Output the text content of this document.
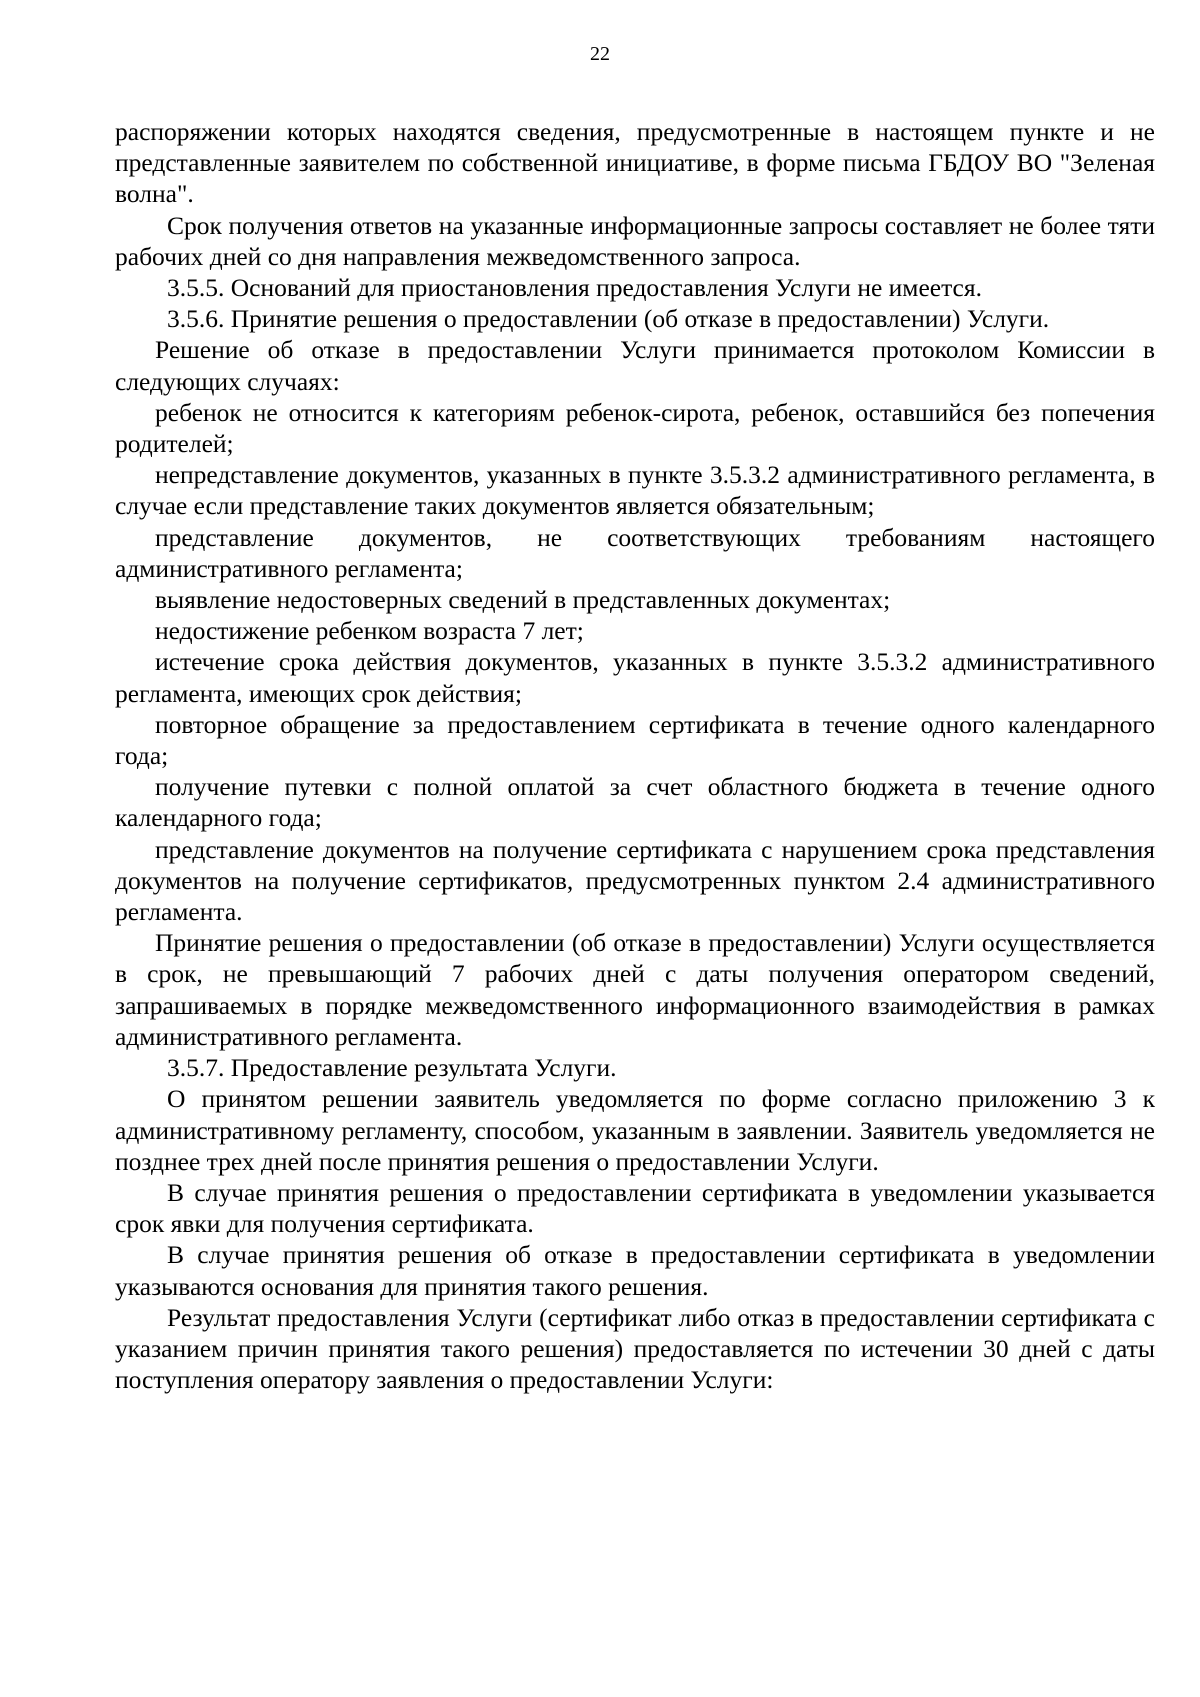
22

распоряжении которых находятся сведения, предусмотренные в настоящем пункте и не представленные заявителем по собственной инициативе, в форме письма ГБДОУ ВО "Зеленая волна".

Срок получения ответов на указанные информационные запросы составляет не более тяти рабочих дней со дня направления межведомственного запроса.

3.5.5. Оснований для приостановления предоставления Услуги не имеется.

3.5.6. Принятие решения о предоставлении (об отказе в предоставлении) Услуги.

Решение об отказе в предоставлении Услуги принимается протоколом Комиссии в следующих случаях:

ребенок не относится к категориям ребенок-сирота, ребенок, оставшийся без попечения родителей;

непредставление документов, указанных в пункте 3.5.3.2 административного регламента, в случае если представление таких документов является обязательным;

представление документов, не соответствующих требованиям настоящего административного регламента;

выявление недостоверных сведений в представленных документах;

недостижение ребенком возраста 7 лет;

истечение срока действия документов, указанных в пункте 3.5.3.2 административного регламента, имеющих срок действия;

повторное обращение за предоставлением сертификата в течение одного календарного года;

получение путевки с полной оплатой за счет областного бюджета в течение одного календарного года;

представление документов на получение сертификата с нарушением срока представления документов на получение сертификатов, предусмотренных пунктом 2.4 административного регламента.

Принятие решения о предоставлении (об отказе в предоставлении) Услуги осуществляется в срок, не превышающий 7 рабочих дней с даты получения оператором сведений, запрашиваемых в порядке межведомственного информационного взаимодействия в рамках административного регламента.

3.5.7. Предоставление результата Услуги.

О принятом решении заявитель уведомляется по форме согласно приложению 3 к административному регламенту, способом, указанным в заявлении. Заявитель уведомляется не позднее трех дней после принятия решения о предоставлении Услуги.

В случае принятия решения о предоставлении сертификата в уведомлении указывается срок явки для получения сертификата.

В случае принятия решения об отказе в предоставлении сертификата в уведомлении указываются основания для принятия такого решения.

Результат предоставления Услуги (сертификат либо отказ в предоставлении сертификата с указанием причин принятия такого решения) предоставляется по истечении 30 дней с даты поступления оператору заявления о предоставлении Услуги:
